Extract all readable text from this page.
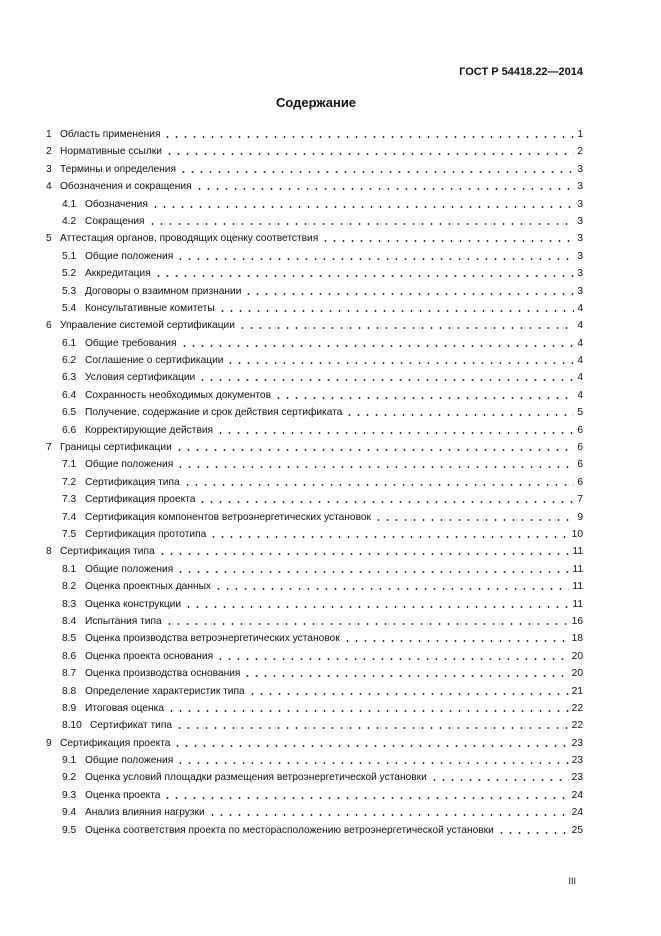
ГОСТ Р 54418.22—2014
Содержание
1 Область применения	1
2 Нормативные ссылки	2
3 Термины и определения	3
4 Обозначения и сокращения	3
4.1 Обозначения	3
4.2 Сокращения	3
5 Аттестация органов, проводящих оценку соответствия	3
5.1 Общие положения	3
5.2 Аккредитация	3
5.3 Договоры о взаимном признании	3
5.4 Консультативные комитеты	4
6 Управление системой сертификации	4
6.1 Общие требования	4
6.2 Соглашение о сертификации	4
6.3 Условия сертификации	4
6.4 Сохранность необходимых документов	4
6.5 Получение, содержание и срок действия сертификата	5
6.6 Корректирующие действия	6
7 Границы сертификации	6
7.1 Общие положения	6
7.2 Сертификация типа	6
7.3 Сертификация проекта	7
7.4 Сертификация компонентов ветроэнергетических установок	9
7.5 Сертификация прототипа	10
8 Сертификация типа	11
8.1 Общие положения	11
8.2 Оценка проектных данных	11
8.3 Оценка конструкции	11
8.4 Испытания типа	16
8.5 Оценка производства ветроэнергетических установок	18
8.6 Оценка проекта основания	20
8.7 Оценка производства основания	20
8.8 Определение характеристик типа	21
8.9 Итоговая оценка	22
8.10 Сертификат типа	22
9 Сертификация проекта	23
9.1 Общие положения	23
9.2 Оценка условий площадки размещения ветроэнергетической установки	23
9.3 Оценка проекта	24
9.4 Анализ влияния нагрузки	24
9.5 Оценка соответствия проекта по месторасположению ветроэнергетической установки	25
III
